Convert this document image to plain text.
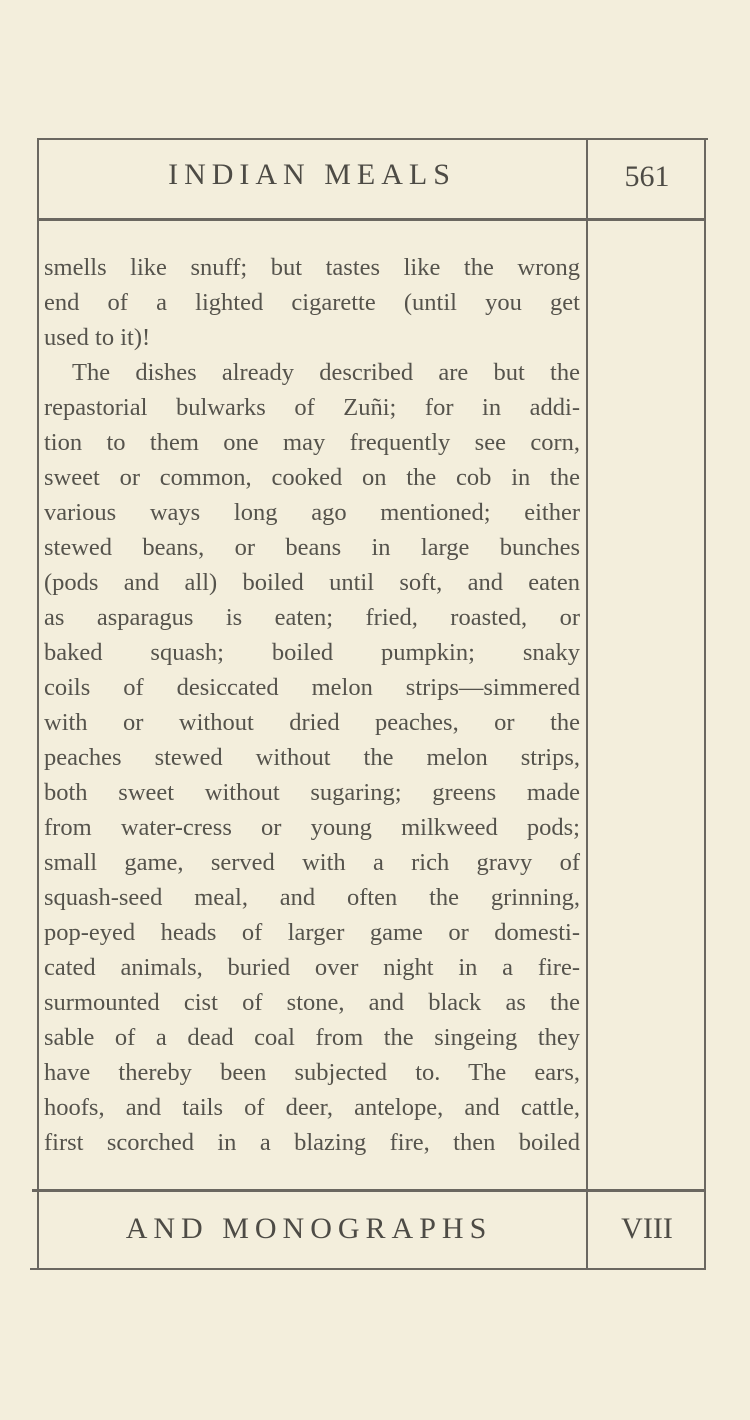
INDIAN MEALS	561
smells like snuff; but tastes like the wrong
end of a lighted cigarette (until you get
used to it)!
The dishes already described are but the
repastorial bulwarks of Zuñi; for in addi-
tion to them one may frequently see corn,
sweet or common, cooked on the cob in the
various ways long ago mentioned; either
stewed beans, or beans in large bunches
(pods and all) boiled until soft, and eaten
as asparagus is eaten; fried, roasted, or
baked squash; boiled pumpkin; snaky
coils of desiccated melon strips—simmered
with or without dried peaches, or the
peaches stewed without the melon strips,
both sweet without sugaring; greens made
from water-cress or young milkweed pods;
small game, served with a rich gravy of
squash-seed meal, and often the grinning,
pop-eyed heads of larger game or domesti-
cated animals, buried over night in a fire-
surmounted cist of stone, and black as the
sable of a dead coal from the singeing they
have thereby been subjected to. The ears,
hoofs, and tails of deer, antelope, and cattle,
first scorched in a blazing fire, then boiled
AND MONOGRAPHS	VIII
